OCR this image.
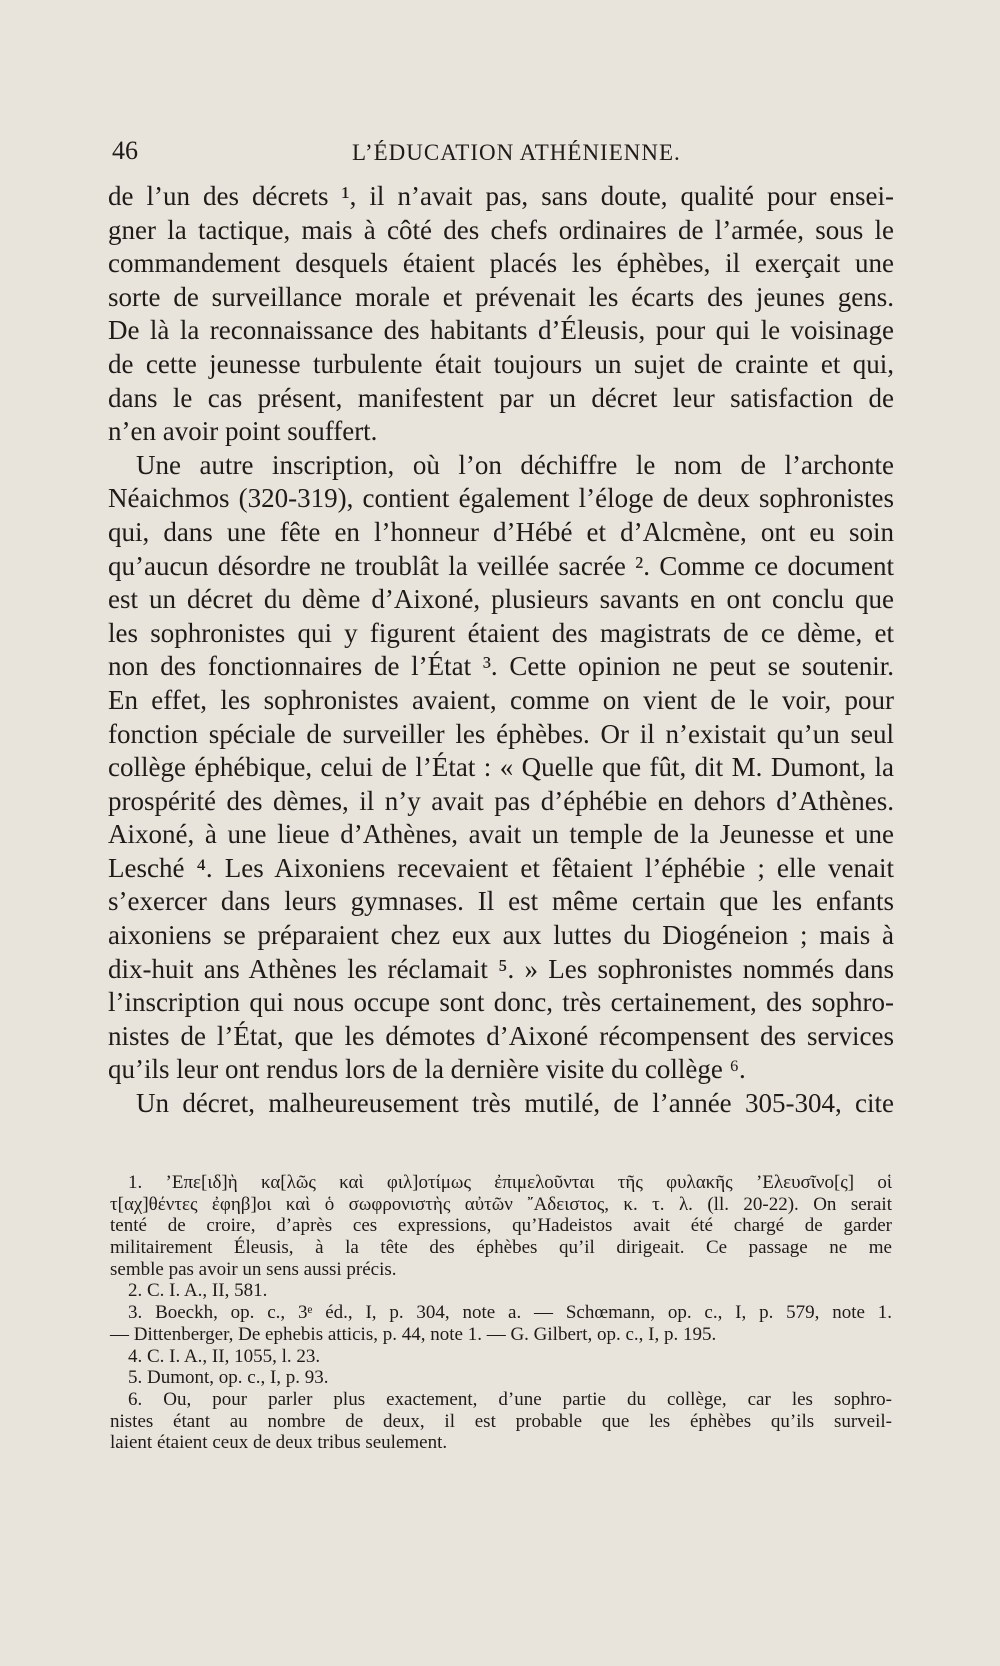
46	L’ÉDUCATION ATHÉNIENNE.
de l’un des décrets ¹, il n’avait pas, sans doute, qualité pour ensei-
gner la tactique, mais à côté des chefs ordinaires de l’armée, sous le
commandement desquels étaient placés les éphèbes, il exerçait une
sorte de surveillance morale et prévenait les écarts des jeunes gens.
De là la reconnaissance des habitants d’Éleusis, pour qui le voisinage
de cette jeunesse turbulente était toujours un sujet de crainte et qui,
dans le cas présent, manifestent par un décret leur satisfaction de
n’en avoir point souffert.
Une autre inscription, où l’on déchiffre le nom de l’archonte
Néaichmos (320-319), contient également l’éloge de deux sophronistes
qui, dans une fête en l’honneur d’Hébé et d’Alcmène, ont eu soin
qu’aucun désordre ne troublât la veillée sacrée ². Comme ce document
est un décret du dème d’Aixoné, plusieurs savants en ont conclu que
les sophronistes qui y figurent étaient des magistrats de ce dème, et
non des fonctionnaires de l’État ³. Cette opinion ne peut se soutenir.
En effet, les sophronistes avaient, comme on vient de le voir, pour
fonction spéciale de surveiller les éphèbes. Or il n’existait qu’un seul
collège éphébique, celui de l’État : « Quelle que fût, dit M. Dumont, la
prospérité des dèmes, il n’y avait pas d’éphébie en dehors d’Athènes.
Aixoné, à une lieue d’Athènes, avait un temple de la Jeunesse et une
Lesché ⁴. Les Aixoniens recevaient et fêtaient l’éphébie ; elle venait
s’exercer dans leurs gymnases. Il est même certain que les enfants
aixoniens se préparaient chez eux aux luttes du Diogéneion ; mais à
dix-huit ans Athènes les réclamait ⁵. » Les sophronistes nommés dans
l’inscription qui nous occupe sont donc, très certainement, des sophro-
nistes de l’État, que les démotes d’Aixoné récompensent des services
qu’ils leur ont rendus lors de la dernière visite du collège ⁶.
Un décret, malheureusement très mutilé, de l’année 305-304, cite
1. ’Επε[ιδ]ὴ κα[λῶς καὶ φιλ]οτίμως ἐπιμελοῦνται τῆς φυλακῆς ’Ελευσῖνο[ς] οἱ
τ[αχ]θέντες ἐφηβ]οι καὶ ὁ σωφρονιστὴς αὐτῶν ῎Αδειστος, κ. τ. λ. (ll. 20-22). On serait
tenté de croire, d’après ces expressions, qu’Hadeistos avait été chargé de garder
militairement Éleusis, à la tête des éphèbes qu’il dirigeait. Ce passage ne me
semble pas avoir un sens aussi précis.
2. C. I. A., II, 581.
3. Boeckh, op. c., 3ᵉ éd., I, p. 304, note a. — Schœmann, op. c., I, p. 579, note 1.
— Dittenberger, De ephebis atticis, p. 44, note 1. — G. Gilbert, op. c., I, p. 195.
4. C. I. A., II, 1055, l. 23.
5. Dumont, op. c., I, p. 93.
6. Ou, pour parler plus exactement, d’une partie du collège, car les sophro-
nistes étant au nombre de deux, il est probable que les éphèbes qu’ils surveil-
laient étaient ceux de deux tribus seulement.
